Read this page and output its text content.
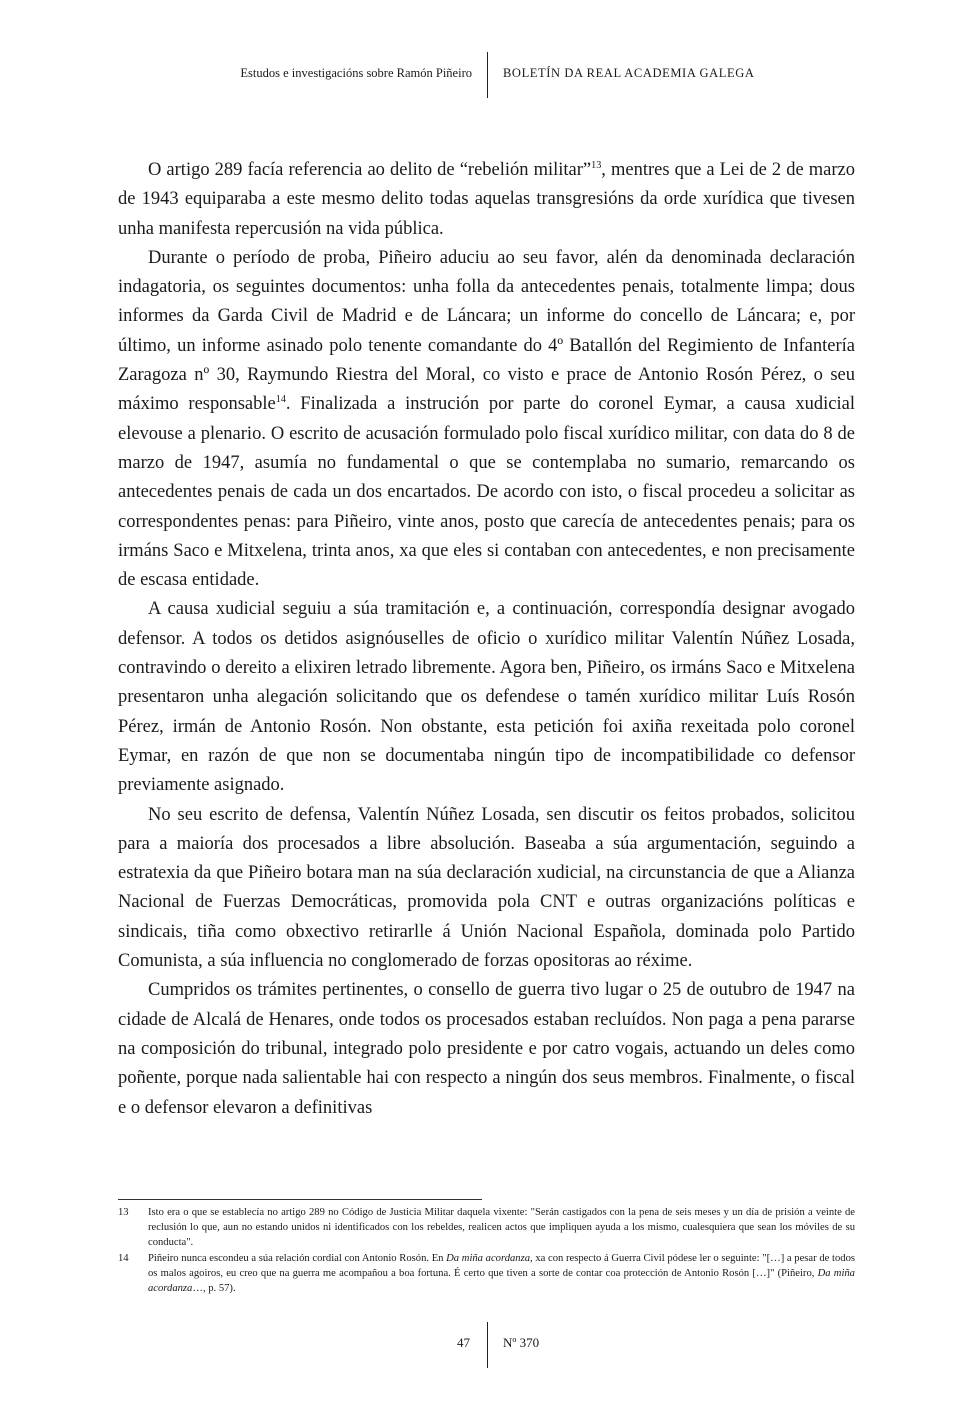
Estudos e investigacións sobre Ramón Piñeiro BOLETÍN DA REAL ACADEMIA GALEGA

O artigo 289 facía referencia ao delito de “rebelión militar”$^{13}$, mentres que a Lei de 2 de marzo de 1943 equiparaba a este mesmo delito todas aquelas transgresións da orde xurídica que tivesen unha manifesta repercusión na vida pública.

Durante o período de proba, Piñeiro aduciu ao seu favor, alén da denominada declaración indagatoria, os seguintes documentos: unha folla da antecedentes penais, totalmente limpa; dous informes da Garda Civil de Madrid e de Láncara; un informe do concello de Láncara; e, por último, un informe asinado polo tenente comandante do 4º Batallón del Regimiento de Infantería Zaragoza nº 30, Raymundo Riestra del Moral, co visto e prace de Antonio Rosón Pérez, o seu máximo responsable$^{14}$. Finalizada a instrución por parte do coronel Eymar, a causa xudicial elevouse a plenario. O escrito de acusación formulado polo fiscal xurídico militar, con data do 8 de marzo de 1947, asumía no fundamental o que se contemplaba no sumario, remarcando os antecedentes penais de cada un dos encartados. De acordo con isto, o fiscal procedeu a solicitar as correspondentes penas: para Piñeiro, vinte anos, posto que carecía de antecedentes penais; para os irmáns Saco e Mitxelena, trinta anos, xa que eles si contaban con antecedentes, e non precisamente de escasa entidade.

A causa xudicial seguiu a súa tramitación e, a continuación, correspondía designar avogado defensor. A todos os detidos asignóuselles de oficio o xurídico militar Valentín Núñez Losada, contravindo o dereito a elixiren letrado libremente. Agora ben, Piñeiro, os irmáns Saco e Mitxelena presentaron unha alegación solicitando que os defendese o tamén xurídico militar Luís Rosón Pérez, irmán de Antonio Rosón. Non obstante, esta petición foi axiña rexeitada polo coronel Eymar, en razón de que non se documentaba ningún tipo de incompatibilidade co defensor previamente asignado.

No seu escrito de defensa, Valentín Núñez Losada, sen discutir os feitos probados, solicitou para a maioría dos procesados a libre absolución. Baseaba a súa argumentación, seguindo a estratexia da que Piñeiro botara man na súa declaración xudicial, na circunstancia de que a Alianza Nacional de Fuerzas Democráticas, promovida pola CNT e outras organizacións políticas e sindicais, tiña como obxectivo retirarlle á Unión Nacional Española, dominada polo Partido Comunista, a súa influencia no conglomerado de forzas opositoras ao réxime.

Cumpridos os trámites pertinentes, o consello de guerra tivo lugar o 25 de outubro de 1947 na cidade de Alcalá de Henares, onde todos os procesados estaban recluídos. Non paga a pena pararse na composición do tribunal, integrado polo presidente e por catro vogais, actuando un deles como poñente, porque nada salientable hai con respecto a ningún dos seus membros. Finalmente, o fiscal e o defensor elevaron a definitivas

13	Isto era o que se establecía no artigo 289 no Código de Justicia Militar daquela vixente: "Serán castigados con la pena de seis meses y un día de prisión a veinte de reclusión lo que, aun no estando unidos ni identificados con los rebeldes, realicen actos que impliquen ayuda a los mismo, cualesquiera que sean los móviles de su conducta".
14	Piñeiro nunca escondeu a súa relación cordial con Antonio Rosón. En Da miña acordanza, xa con respecto á Guerra Civil pódese ler o seguinte: "[…] a pesar de todos os malos agoiros, eu creo que na guerra me acompañou a boa fortuna. É certo que tiven a sorte de contar coa protección de Antonio Rosón […]" (Piñeiro, Da miña acordanza…, p. 57).
47	Nº 370
